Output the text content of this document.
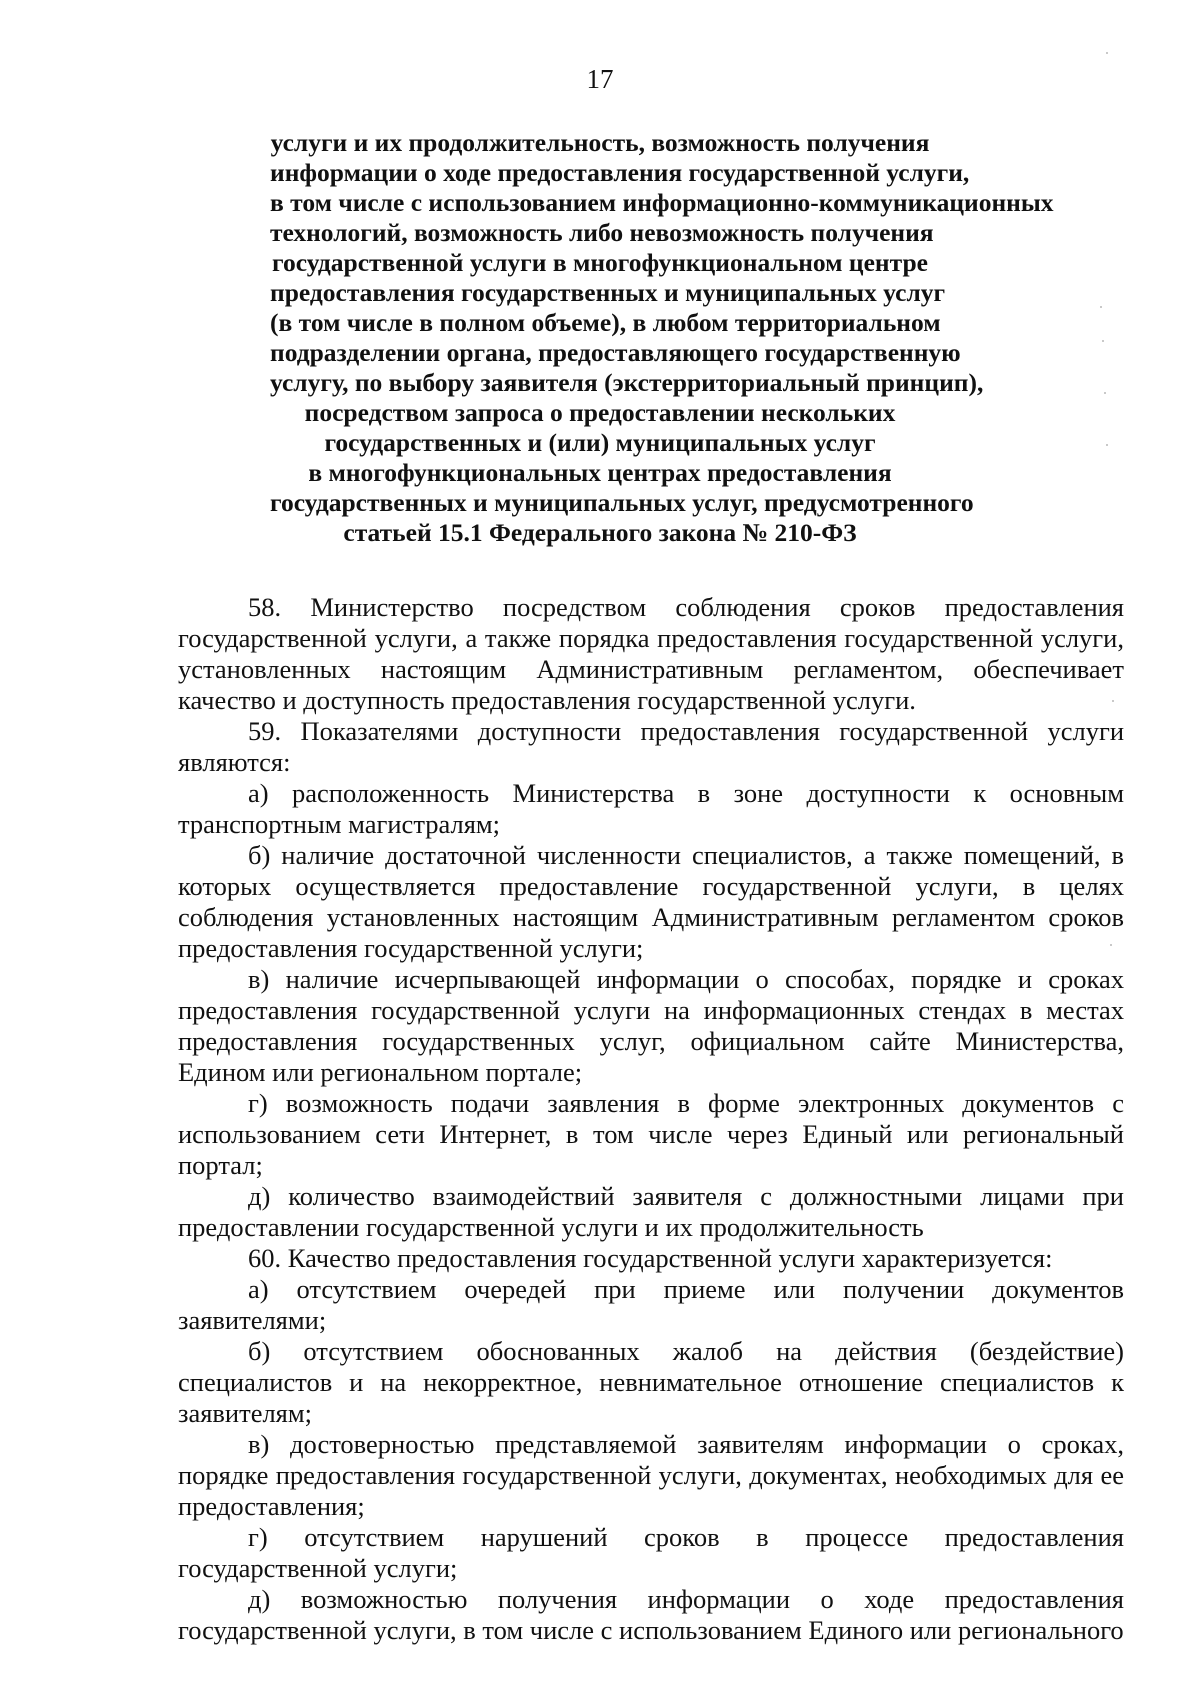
17
услуги и их продолжительность, возможность получения
информации о ходе предоставления государственной услуги,
в том числе с использованием информационно-коммуникационных
технологий, возможность либо невозможность получения
государственной услуги в многофункциональном центре
предоставления государственных и муниципальных услуг
(в том числе в полном объеме), в любом территориальном
подразделении органа, предоставляющего государственную
услугу, по выбору заявителя (экстерриториальный принцип),
посредством запроса о предоставлении нескольких
государственных и (или) муниципальных услуг
в многофункциональных центрах предоставления
государственных и муниципальных услуг, предусмотренного
статьей 15.1 Федерального закона № 210-ФЗ

58. Министерство посредством соблюдения сроков предоставления государственной услуги, а также порядка предоставления государственной услуги, установленных настоящим Административным регламентом, обеспечивает качество и доступность предоставления государственной услуги.

59. Показателями доступности предоставления государственной услуги являются:

а) расположенность Министерства в зоне доступности к основным транспортным магистралям;

б) наличие достаточной численности специалистов, а также помещений, в которых осуществляется предоставление государственной услуги, в целях соблюдения установленных настоящим Административным регламентом сроков предоставления государственной услуги;

в) наличие исчерпывающей информации о способах, порядке и сроках предоставления государственной услуги на информационных стендах в местах предоставления государственных услуг, официальном сайте Министерства, Едином или региональном портале;

г) возможность подачи заявления в форме электронных документов с использованием сети Интернет, в том числе через Единый или региональный портал;

д) количество взаимодействий заявителя с должностными лицами при предоставлении государственной услуги и их продолжительность

60. Качество предоставления государственной услуги характеризуется:

а) отсутствием очередей при приеме или получении документов заявителями;

б) отсутствием обоснованных жалоб на действия (бездействие) специалистов и на некорректное, невнимательное отношение специалистов к заявителям;

в) достоверностью представляемой заявителям информации о сроках, порядке предоставления государственной услуги, документах, необходимых для ее предоставления;

г) отсутствием нарушений сроков в процессе предоставления государственной услуги;

д) возможностью получения информации о ходе предоставления государственной услуги, в том числе с использованием Единого или регионального
